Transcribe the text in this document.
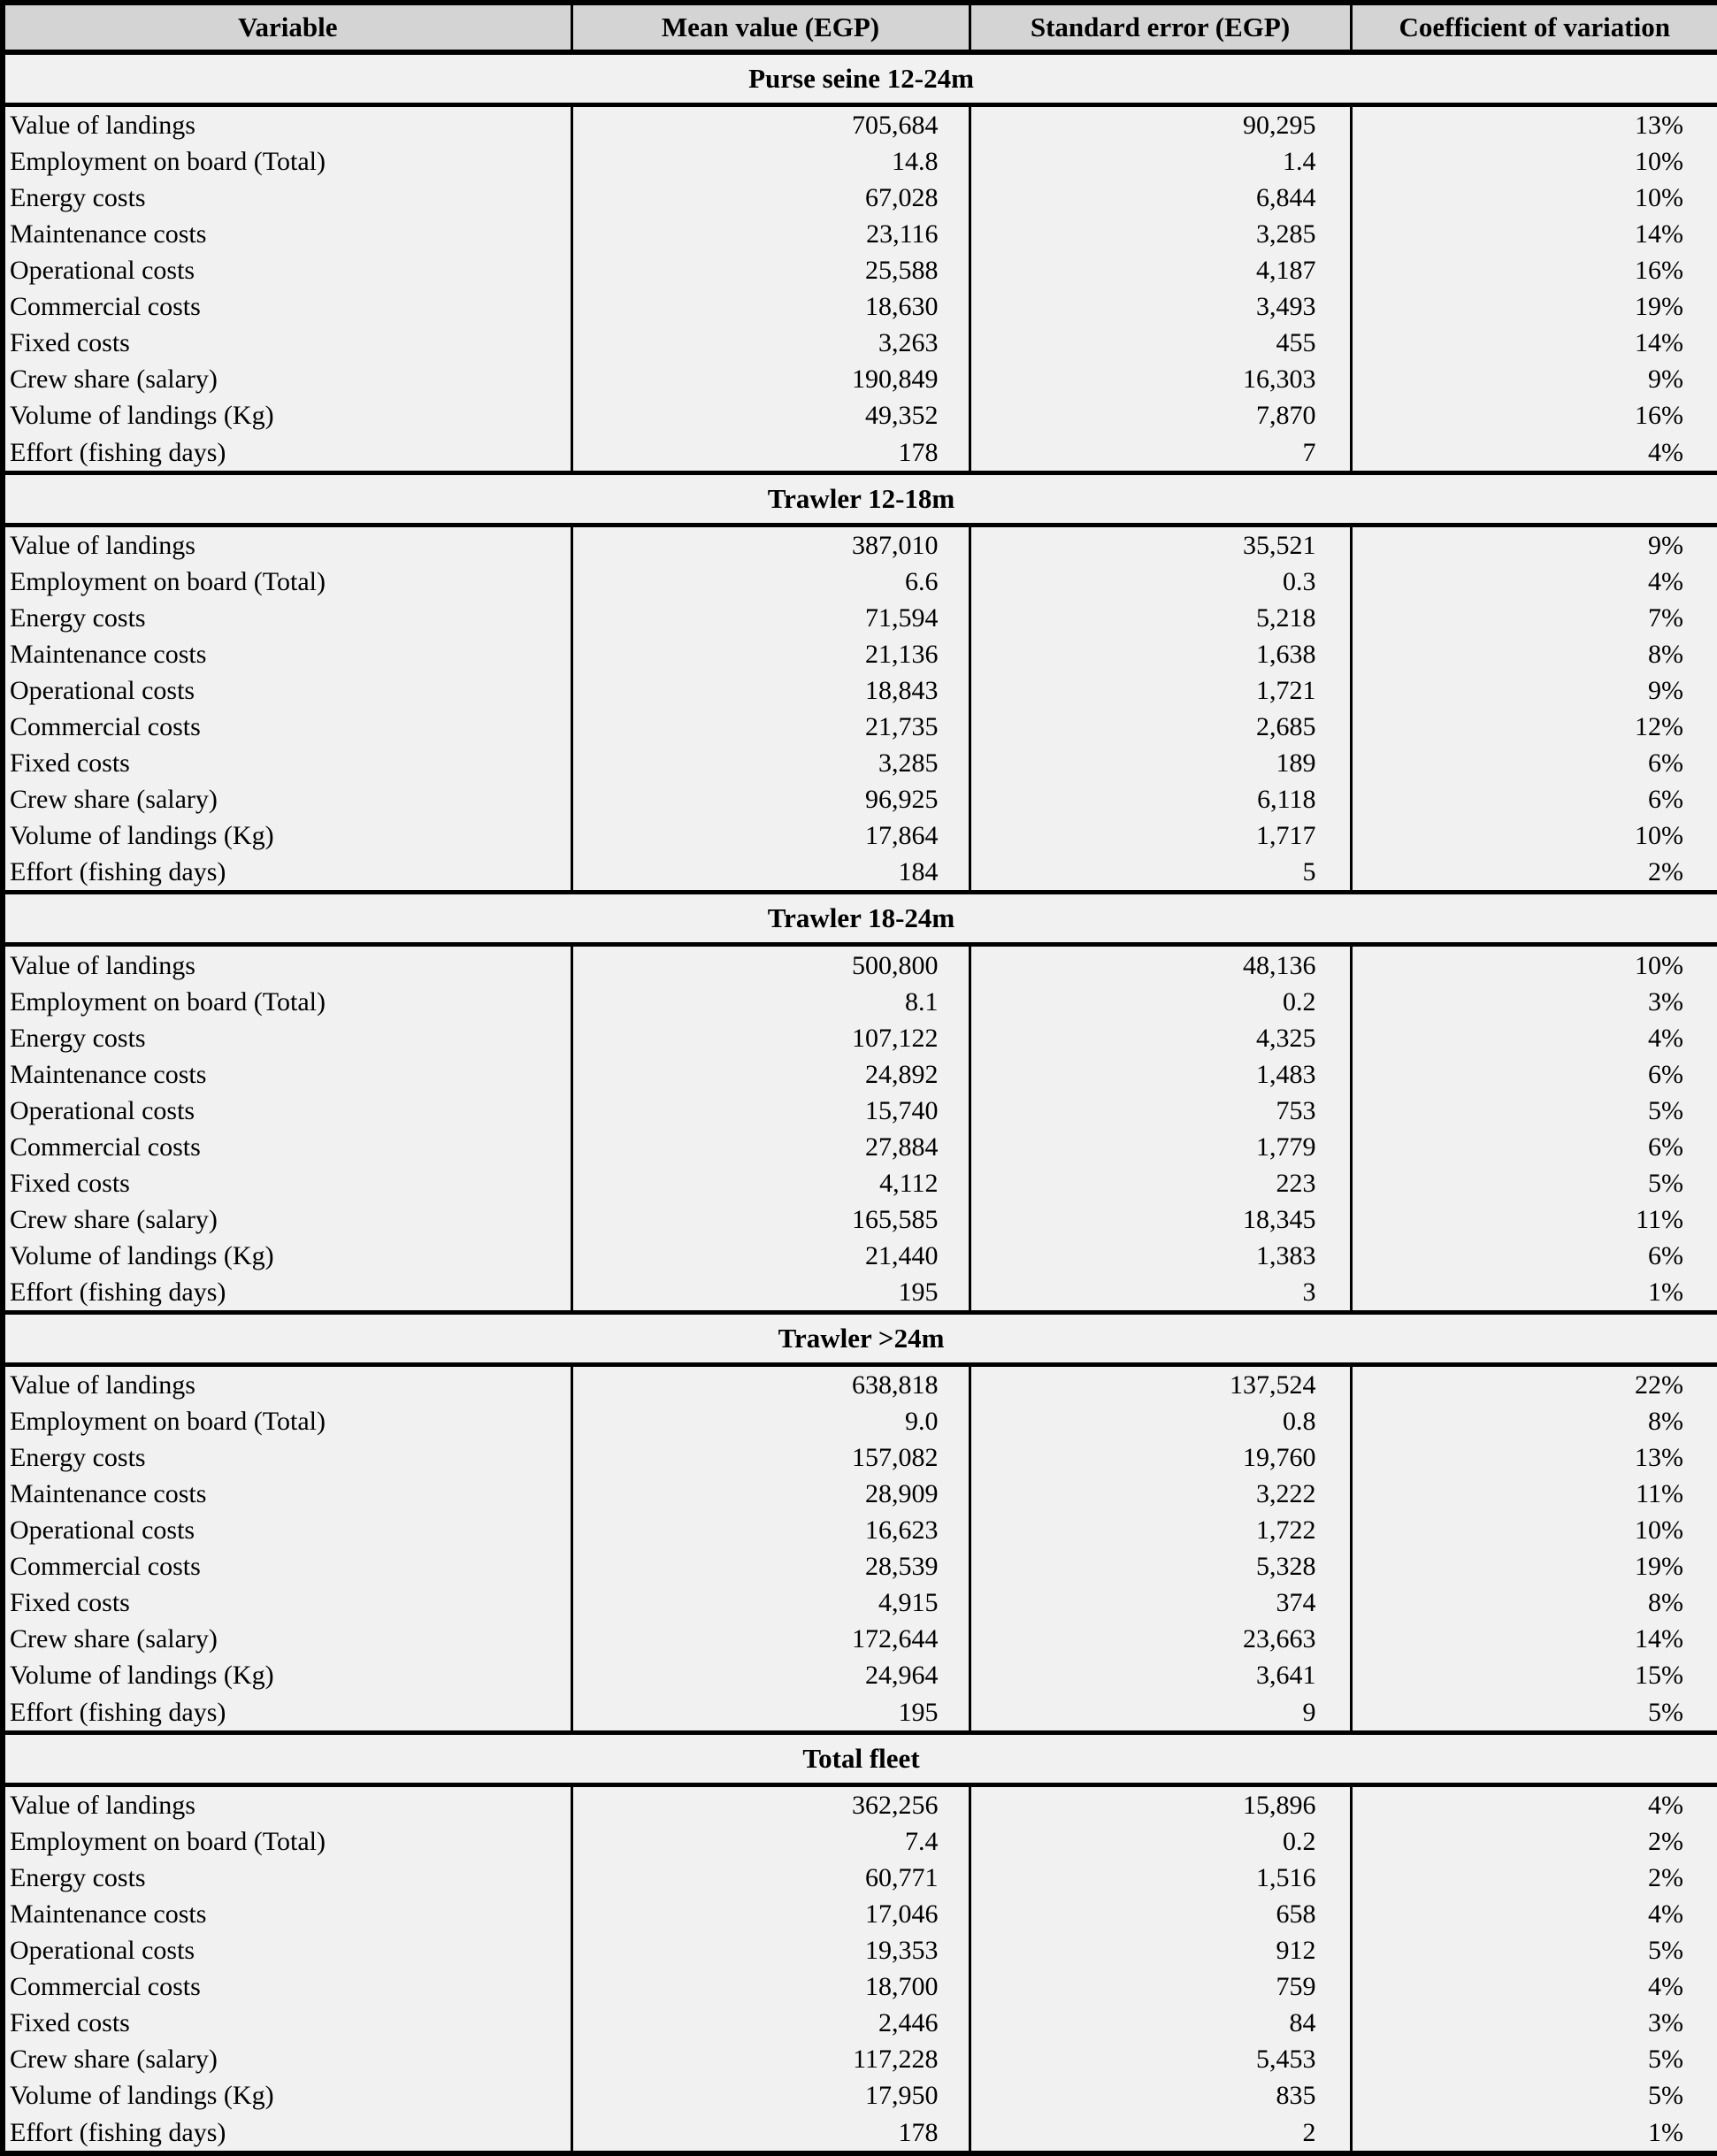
Variable	Mean value (EGP)	Standard error (EGP)	Coefficient of variation
Purse seine 12-24m			
Value of landings	705,684	90,295	13%
Employment on board (Total)	14.8	1.4	10%
Energy costs	67,028	6,844	10%
Maintenance costs	23,116	3,285	14%
Operational costs	25,588	4,187	16%
Commercial costs	18,630	3,493	19%
Fixed costs	3,263	455	14%
Crew share (salary)	190,849	16,303	9%
Volume of landings (Kg)	49,352	7,870	16%
Effort (fishing days)	178	7	4%
Trawler 12-18m			
Value of landings	387,010	35,521	9%
Employment on board (Total)	6.6	0.3	4%
Energy costs	71,594	5,218	7%
Maintenance costs	21,136	1,638	8%
Operational costs	18,843	1,721	9%
Commercial costs	21,735	2,685	12%
Fixed costs	3,285	189	6%
Crew share (salary)	96,925	6,118	6%
Volume of landings (Kg)	17,864	1,717	10%
Effort (fishing days)	184	5	2%
Trawler 18-24m			
Value of landings	500,800	48,136	10%
Employment on board (Total)	8.1	0.2	3%
Energy costs	107,122	4,325	4%
Maintenance costs	24,892	1,483	6%
Operational costs	15,740	753	5%
Commercial costs	27,884	1,779	6%
Fixed costs	4,112	223	5%
Crew share (salary)	165,585	18,345	11%
Volume of landings (Kg)	21,440	1,383	6%
Effort (fishing days)	195	3	1%
Trawler >24m			
Value of landings	638,818	137,524	22%
Employment on board (Total)	9.0	0.8	8%
Energy costs	157,082	19,760	13%
Maintenance costs	28,909	3,222	11%
Operational costs	16,623	1,722	10%
Commercial costs	28,539	5,328	19%
Fixed costs	4,915	374	8%
Crew share (salary)	172,644	23,663	14%
Volume of landings (Kg)	24,964	3,641	15%
Effort (fishing days)	195	9	5%
Total fleet			
Value of landings	362,256	15,896	4%
Employment on board (Total)	7.4	0.2	2%
Energy costs	60,771	1,516	2%
Maintenance costs	17,046	658	4%
Operational costs	19,353	912	5%
Commercial costs	18,700	759	4%
Fixed costs	2,446	84	3%
Crew share (salary)	117,228	5,453	5%
Volume of landings (Kg)	17,950	835	5%
Effort (fishing days)	178	2	1%
